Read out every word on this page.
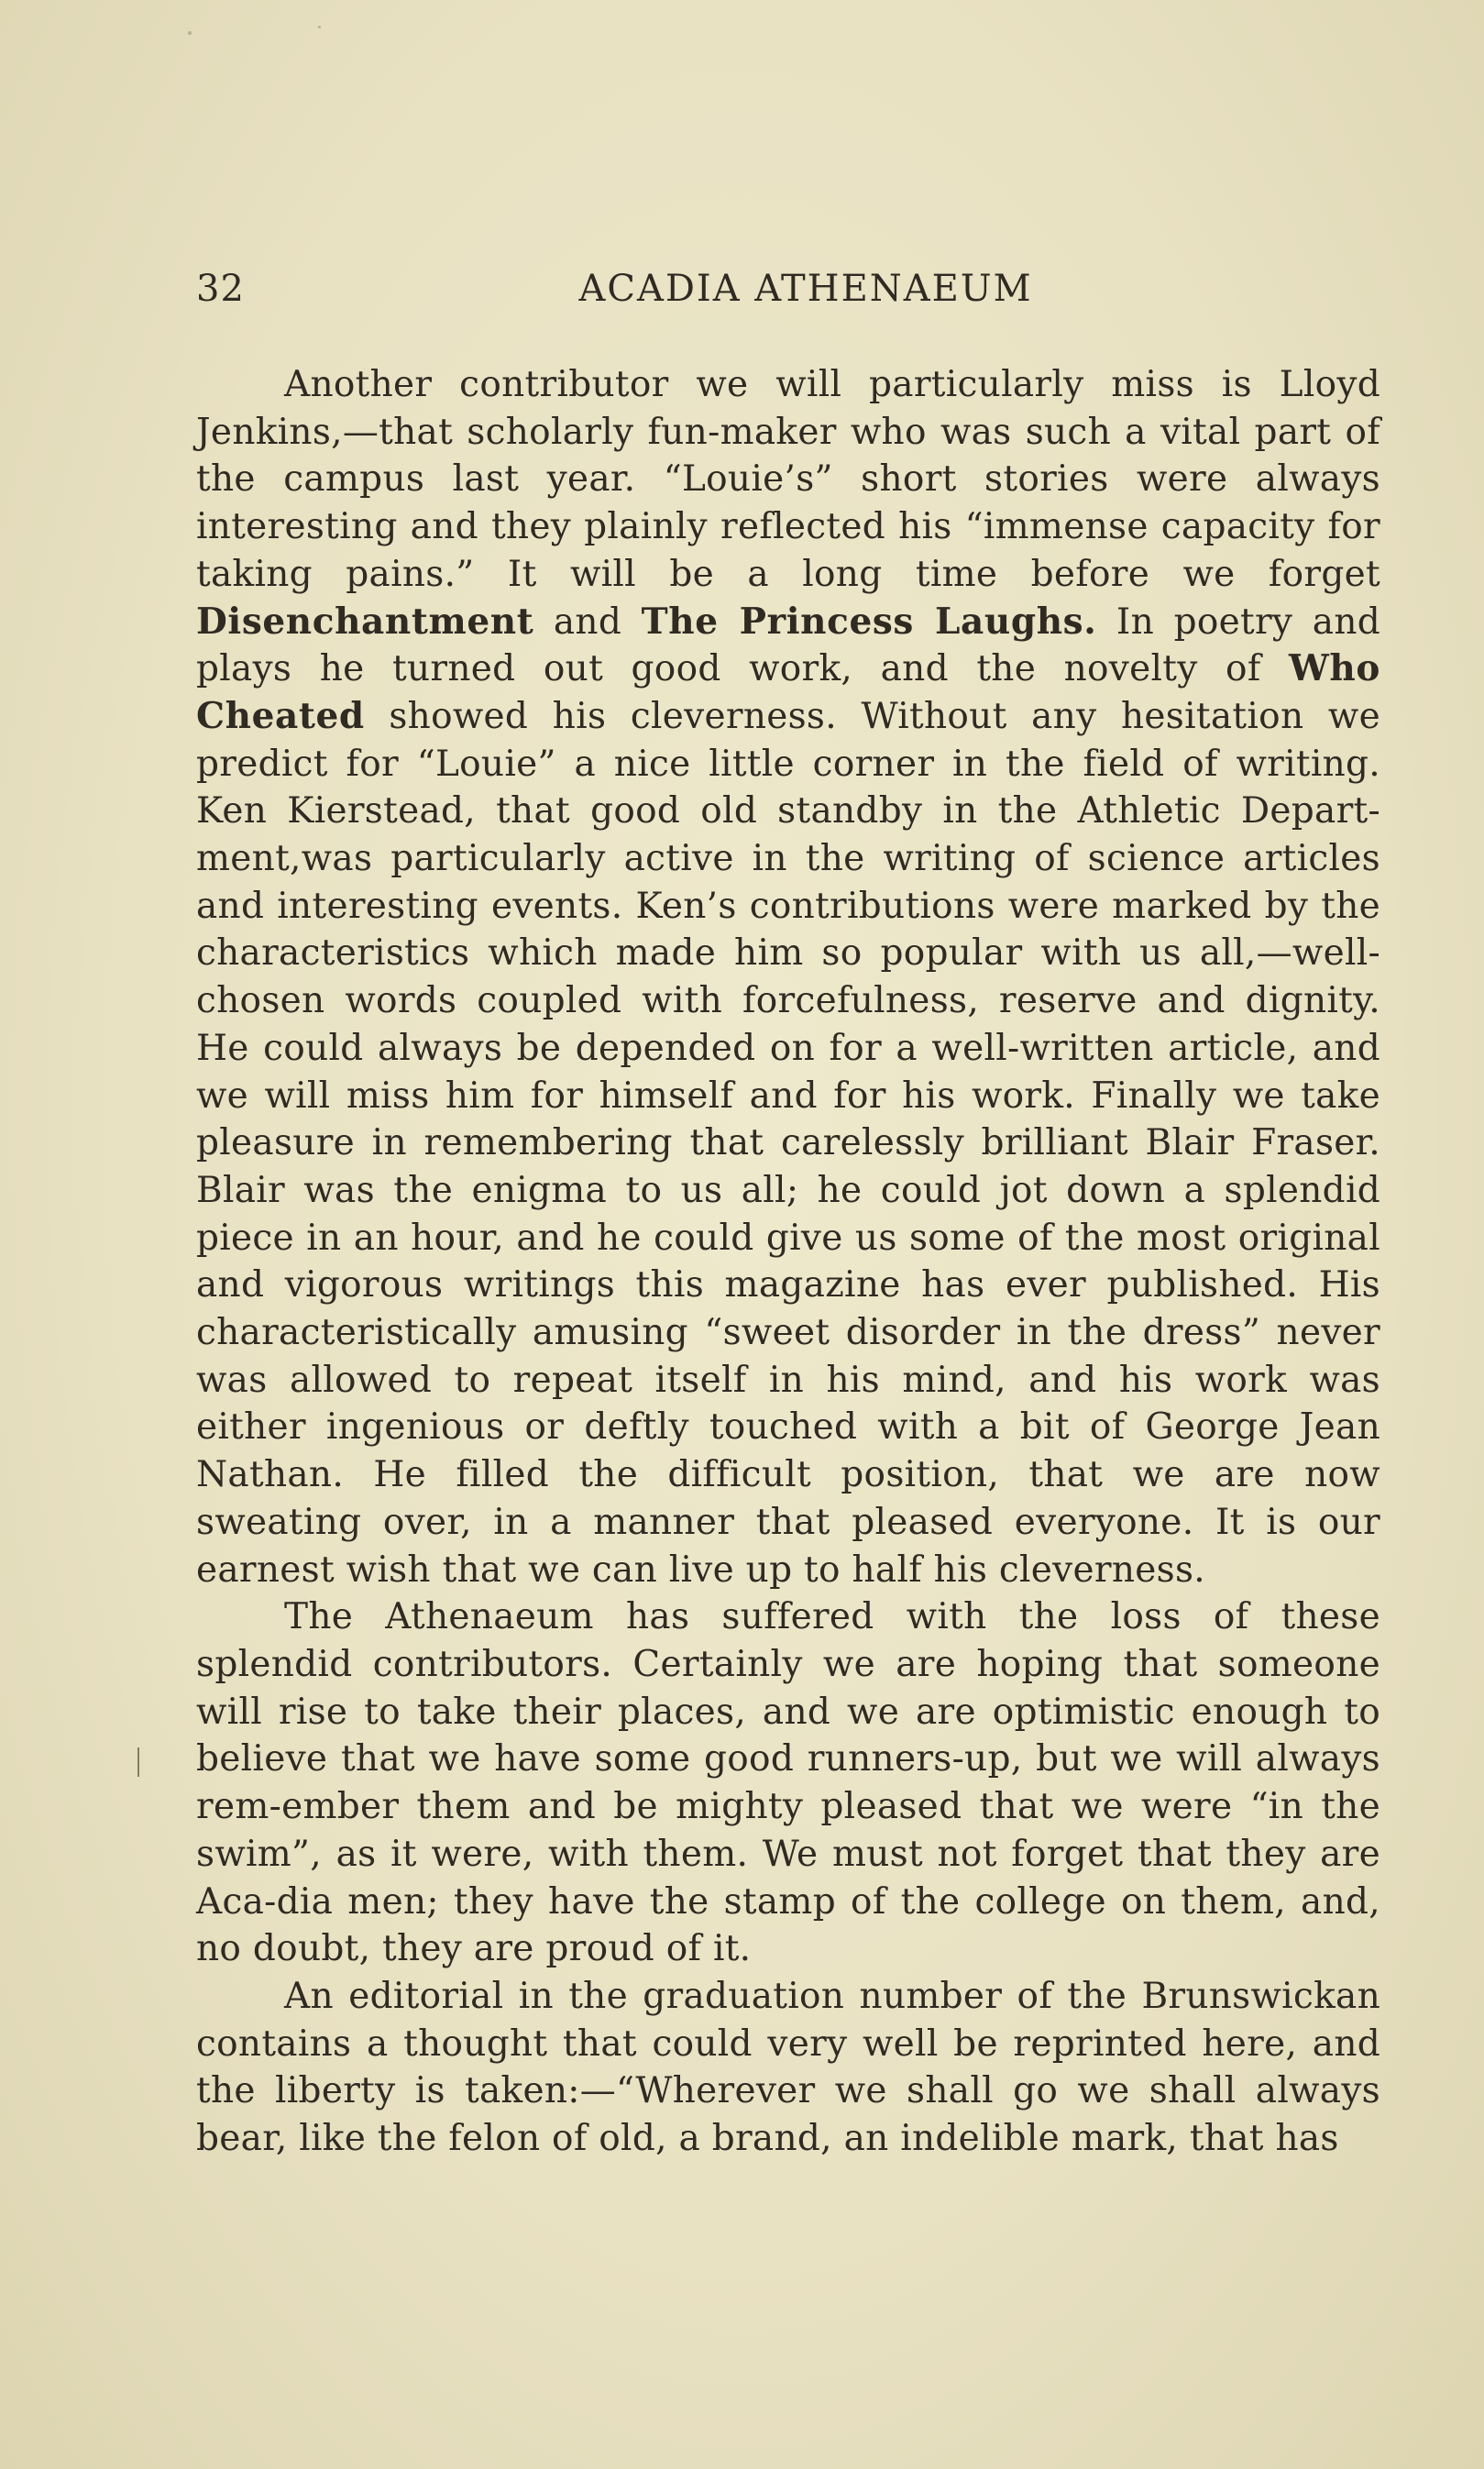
32	ACADIA ATHENAEUM

Another contributor we will particularly miss is Lloyd Jenkins,—that scholarly fun-maker who was such a vital part of the campus last year. “Louie’s” short stories were always interesting and they plainly reflected his “immense capacity for taking pains.” It will be a long time before we forget Disenchantment and The Princess Laughs. In poetry and plays he turned out good work, and the novelty of Who Cheated showed his cleverness. Without any hesitation we predict for “Louie” a nice little corner in the field of writing. Ken Kierstead, that good old standby in the Athletic Depart-ment,was particularly active in the writing of science articles and interesting events. Ken’s contributions were marked by the characteristics which made him so popular with us all,—well-chosen words coupled with forcefulness, reserve and dignity. He could always be depended on for a well-written article, and we will miss him for himself and for his work. Finally we take pleasure in remembering that carelessly brilliant Blair Fraser. Blair was the enigma to us all; he could jot down a splendid piece in an hour, and he could give us some of the most original and vigorous writings this magazine has ever published. His characteristically amusing “sweet disorder in the dress” never was allowed to repeat itself in his mind, and his work was either ingenious or deftly touched with a bit of George Jean Nathan. He filled the difficult position, that we are now sweating over, in a manner that pleased everyone. It is our earnest wish that we can live up to half his cleverness.

The Athenaeum has suffered with the loss of these splendid contributors. Certainly we are hoping that someone will rise to take their places, and we are optimistic enough to believe that we have some good runners-up, but we will always rem-ember them and be mighty pleased that we were “in the swim”, as it were, with them. We must not forget that they are Aca-dia men; they have the stamp of the college on them, and, no doubt, they are proud of it.

An editorial in the graduation number of the Brunswickan contains a thought that could very well be reprinted here, and the liberty is taken:—“Wherever we shall go we shall always bear, like the felon of old, a brand, an indelible mark, that has
